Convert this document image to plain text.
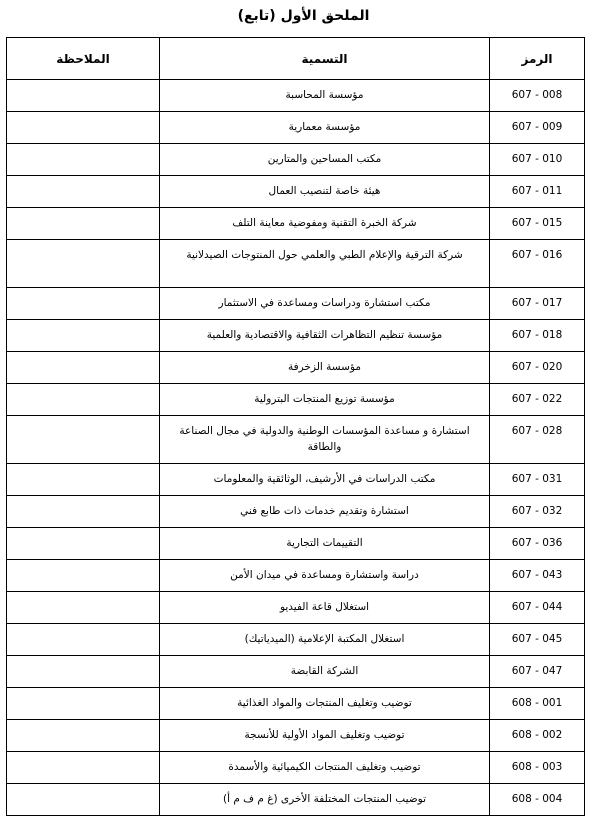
الملحق الأول (تابع)
الرمز	التسمية	الملاحظة
607 - 008	مؤسسة المحاسبة	
607 - 009	مؤسسة معمارية	
607 - 010	مكتب المساحين والمتارين	
607 - 011	هيئة خاصة لتنصيب العمال	
607 - 015	شركة الخبرة التقنية ومفوضية معاينة التلف	
607 - 016	شركة الترقية والإعلام الطبي والعلمي حول المنتوجات الصيدلانية	
607 - 017	مكتب استشارة ودراسات ومساعدة في الاستثمار	
607 - 018	مؤسسة تنظيم التظاهرات الثقافية والاقتصادية والعلمية	
607 - 020	مؤسسة الزخرفة	
607 - 022	مؤسسة توزيع المنتجات البترولية	
607 - 028	استشارة و مساعدة المؤسسات الوطنية والدولية في مجال الصناعة والطاقة	
607 - 031	مكتب الدراسات في الأرشيف، الوثائقية والمعلومات	
607 - 032	استشارة وتقديم خدمات ذات طابع فني	
607 - 036	التقييمات التجارية	
607 - 043	دراسة واستشارة ومساعدة في ميدان الأمن	
607 - 044	استغلال قاعة الفيديو	
607 - 045	استغلال المكتبة الإعلامية (الميدياتيك)	
607 - 047	الشركة القابضة	
608 - 001	توضيب وتغليف المنتجات والمواد الغذائية	
608 - 002	توضيب وتغليف المواد الأولية للأنسجة	
608 - 003	توضيب وتغليف المنتجات الكيميائية والأسمدة	
608 - 004	توضيب المنتجات المختلفة الأخرى (غ م ف م أ)	
